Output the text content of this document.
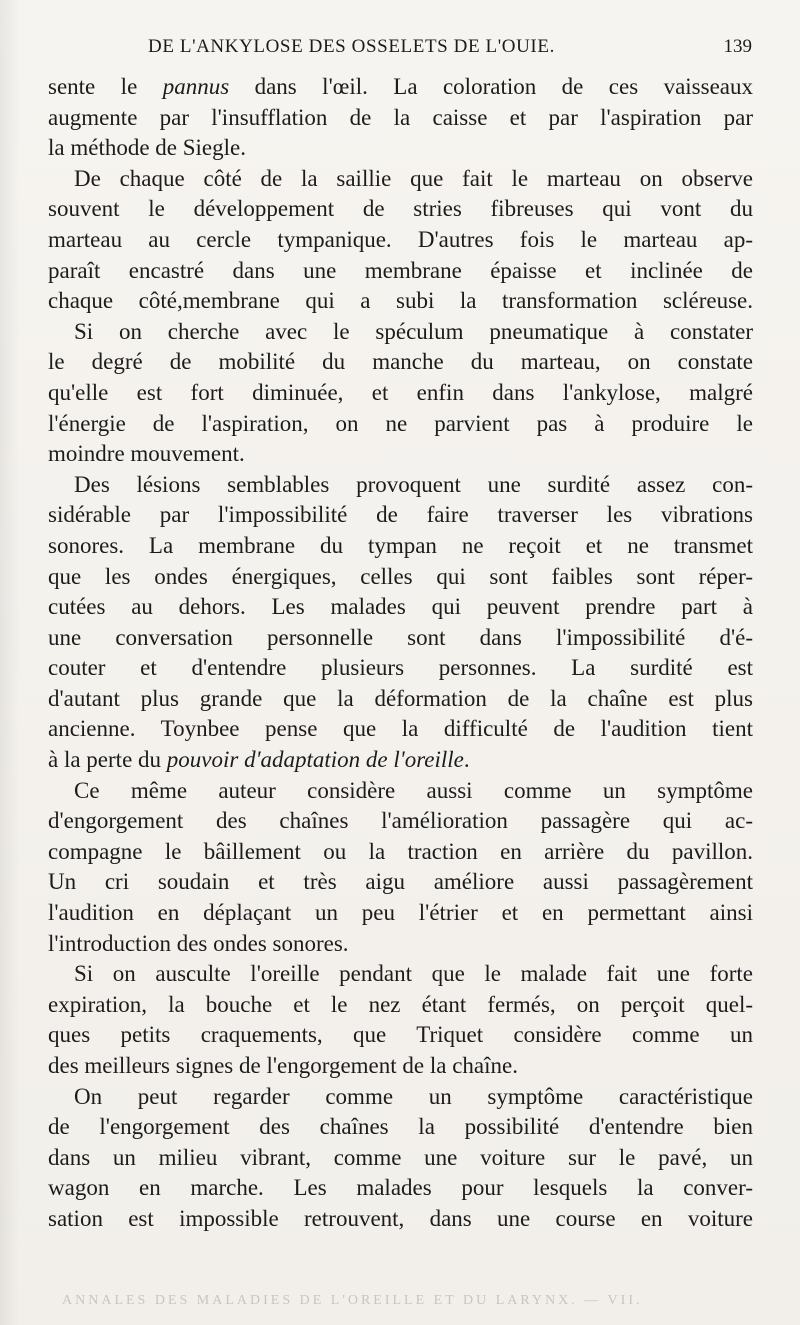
DE L'ANKYLOSE DES OSSELETS DE L'OUIE.	139
sente le pannus dans l'œil. La coloration de ces vaisseaux
augmente par l'insufflation de la caisse et par l'aspiration par
la méthode de Siegle.
De chaque côté de la saillie que fait le marteau on observe
souvent le développement de stries fibreuses qui vont du
marteau au cercle tympanique. D'autres fois le marteau ap-
paraît encastré dans une membrane épaisse et inclinée de
chaque côté,membrane qui a subi la transformation scléreuse.
Si on cherche avec le spéculum pneumatique à constater
le degré de mobilité du manche du marteau, on constate
qu'elle est fort diminuée, et enfin dans l'ankylose, malgré
l'énergie de l'aspiration, on ne parvient pas à produire le
moindre mouvement.
Des lésions semblables provoquent une surdité assez con-
sidérable par l'impossibilité de faire traverser les vibrations
sonores. La membrane du tympan ne reçoit et ne transmet
que les ondes énergiques, celles qui sont faibles sont réper-
cutées au dehors. Les malades qui peuvent prendre part à
une conversation personnelle sont dans l'impossibilité d'é-
couter et d'entendre plusieurs personnes. La surdité est
d'autant plus grande que la déformation de la chaîne est plus
ancienne. Toynbee pense que la difficulté de l'audition tient
à la perte du pouvoir d'adaptation de l'oreille.
Ce même auteur considère aussi comme un symptôme
d'engorgement des chaînes l'amélioration passagère qui ac-
compagne le bâillement ou la traction en arrière du pavillon.
Un cri soudain et très aigu améliore aussi passagèrement
l'audition en déplaçant un peu l'étrier et en permettant ainsi
l'introduction des ondes sonores.
Si on ausculte l'oreille pendant que le malade fait une forte
expiration, la bouche et le nez étant fermés, on perçoit quel-
ques petits craquements, que Triquet considère comme un
des meilleurs signes de l'engorgement de la chaîne.
On peut regarder comme un symptôme caractéristique
de l'engorgement des chaînes la possibilité d'entendre bien
dans un milieu vibrant, comme une voiture sur le pavé, un
wagon en marche. Les malades pour lesquels la conver-
sation est impossible retrouvent, dans une course en voiture
ANNALES DES MALADIES DE L'OREILLE ET DU LARYNX. — VII.
